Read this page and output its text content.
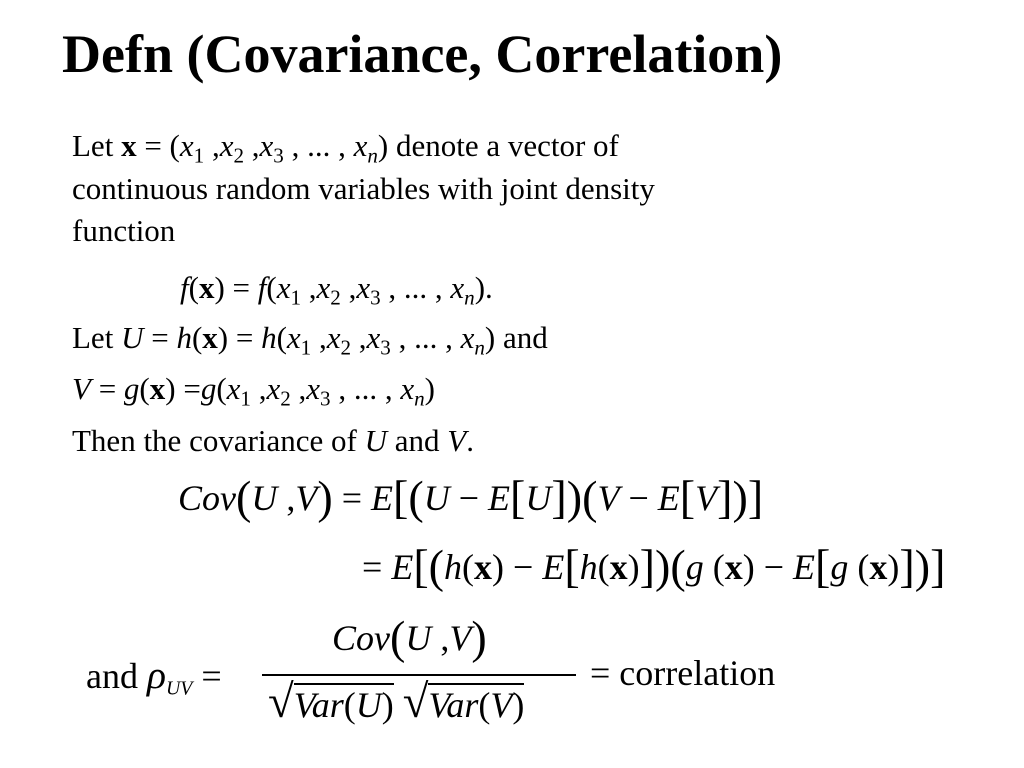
Defn (Covariance, Correlation)
Let $x = (x_1$ $,x_2$ $,x_3$ , ... , $x_n$) denote a vector of
continuous random variables with joint density
function
$f(x) = f(x_1$ $,x_2$ $,x_3$ , ... , $x_n$).
Let $U = h(x) = h(x_1$ $,x_2$ $,x_3$ , ... , $x_n$) and
$V = g(x) =g(x_1$ $,x_2$ $,x_3$ , ... , $x_n$)
Then the covariance of U and V.
Cov(U ,V) = E[(U − E[U])(V − E[V])]
= E[(h(x) − E[h(x)])(g (x) − E[g (x)])]
and $\rho_{UV}$ =
Cov(U ,V)
√Var(U) √Var(V)
= correlation
